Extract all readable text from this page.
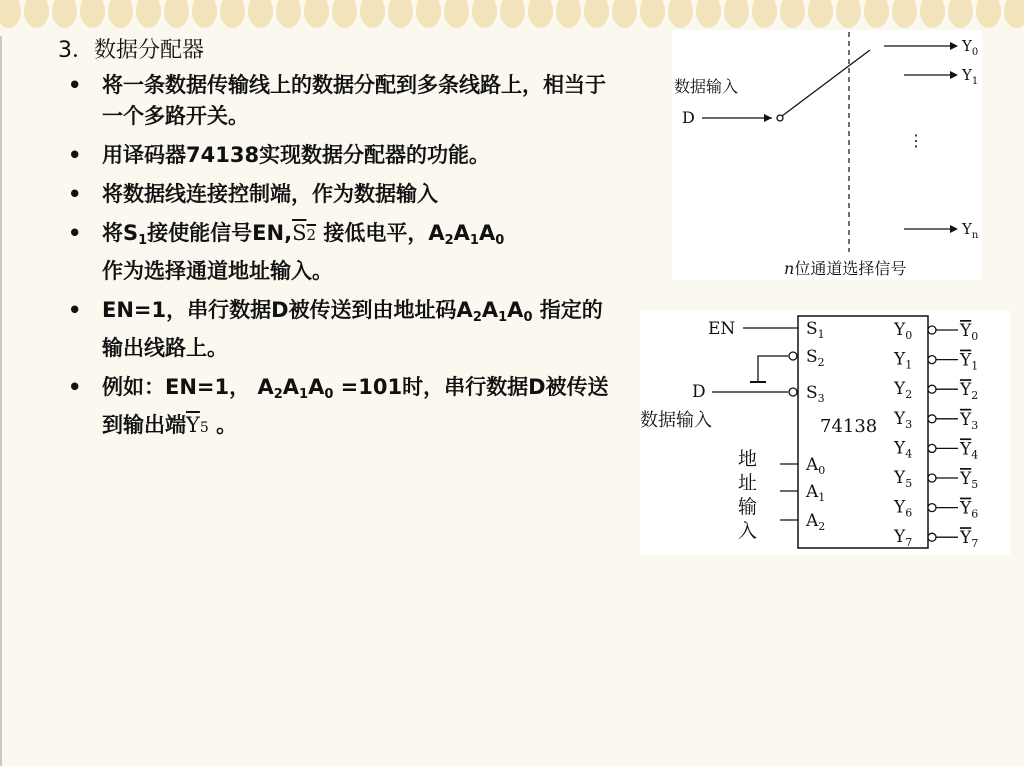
3．数据分配器
• 将一条数据传输线上的数据分配到多条线路上，相当于一个多路开关。
• 用译码器74138实现数据分配器的功能。
• 将数据线连接控制端，作为数据输入
• 将$S_1$接使能信号EN,S2 接低电平，$A_2A_1A_0$
作为选择通道地址输入。
• EN=1，串行数据D被传送到由地址码$A_2A_1A_0$ 指定的输出线路上。
• 例如：EN=1， $A_2A_1A_0 =101$时，串行数据D被传送到输出端$\overline{Y}5$ 。
数据输入
D
$Y_0$
$Y_1$
⋮
$Y_n$
n位通道选择信号
74138
EN
D
数据输入
地
址
输
入
$S_1$
$S_2$
$S_3$
$A_0$
$A_1$
$A_2$
$Y_0$	$Y_0$
$Y_1$	$Y_1$
$Y_2$	$Y_2$
$Y_3$	$Y_3$
$Y_4$	$Y_4$
$Y_5$	$Y_5$
$Y_6$	$Y_6$
$Y_7$	$Y_7$
